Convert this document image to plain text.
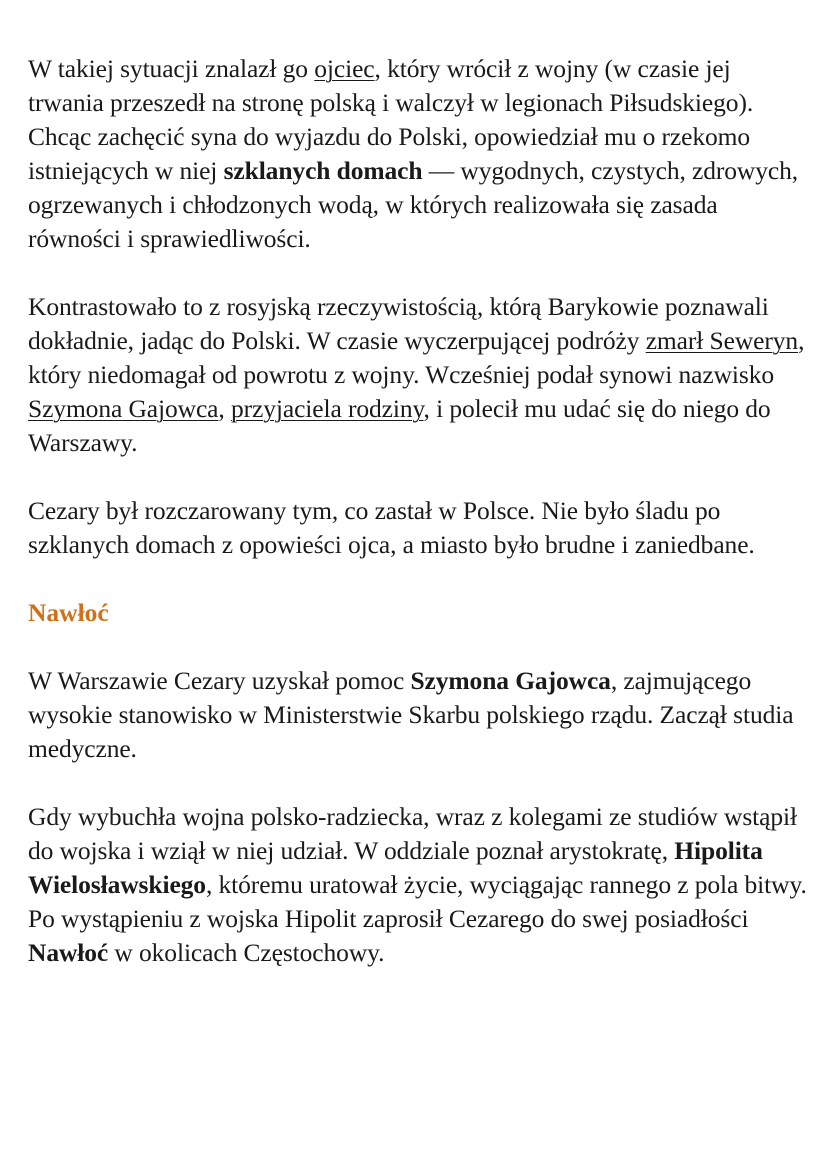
W takiej sytuacji znalazł go ojciec, który wrócił z wojny (w czasie jej trwania przeszedł na stronę polską i walczył w legionach Piłsudskiego). Chcąc zachęcić syna do wyjazdu do Polski, opowiedział mu o rzekomo istniejących w niej szklanych domach — wygodnych, czystych, zdrowych, ogrzewanych i chłodzonych wodą, w których realizowała się zasada równości i sprawiedliwości.

Kontrastowało to z rosyjską rzeczywistością, którą Barykowie poznawali dokładnie, jadąc do Polski. W czasie wyczerpującej podróży zmarł Seweryn, który niedomagał od powrotu z wojny. Wcześniej podał synowi nazwisko Szymona Gajowca, przyjaciela rodziny, i polecił mu udać się do niego do Warszawy.

Cezary był rozczarowany tym, co zastał w Polsce. Nie było śladu po szklanych domach z opowieści ojca, a miasto było brudne i zaniedbane.

Nawłoć

W Warszawie Cezary uzyskał pomoc Szymona Gajowca, zajmującego wysokie stanowisko w Ministerstwie Skarbu polskiego rządu. Zaczął studia medyczne.

Gdy wybuchła wojna polsko-radziecka, wraz z kolegami ze studiów wstąpił do wojska i wziął w niej udział. W oddziale poznał arystokratę, Hipolita Wielosławskiego, któremu uratował życie, wyciągając rannego z pola bitwy. Po wystąpieniu z wojska Hipolit zaprosił Cezarego do swej posiadłości Nawłoć w okolicach Częstochowy.
